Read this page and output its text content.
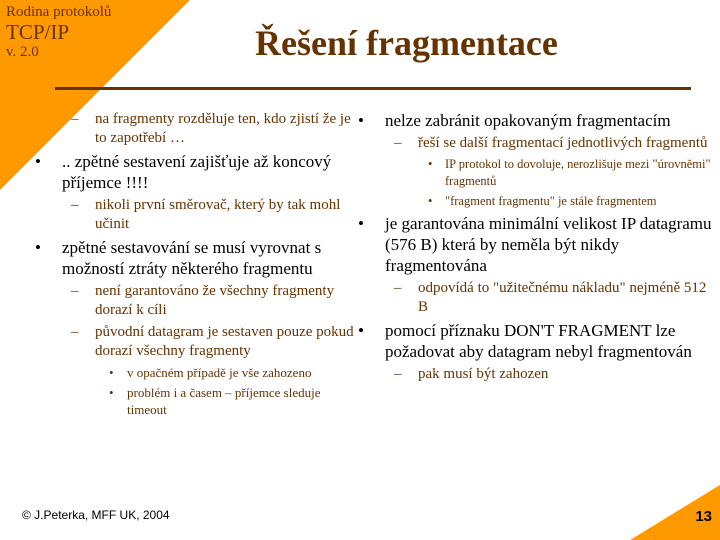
Rodina protokolů
TCP/IP
v. 2.0	Řešení fragmentace
– na fragmenty rozděluje ten, kdo zjistí že je to zapotřebí …
• .. zpětné sestavení zajišťuje až koncový příjemce !!!!
– nikoli první směrovač, který by tak mohl učinit
• zpětné sestavování se musí vyrovnat s možností ztráty některého fragmentu
– není garantováno že všechny fragmenty dorazí k cíli
– původní datagram je sestaven pouze pokud dorazí všechny fragmenty
• v opačném případě je vše zahozeno
• problém i a časem – příjemce sleduje timeout
• nelze zabránit opakovaným fragmentacím
– řeší se další fragmentací jednotlivých fragmentů
• IP protokol to dovoluje, nerozlišuje mezi "úrovněmi" fragmentů
• "fragment fragmentu" je stále fragmentem
• je garantována minimální velikost IP datagramu (576 B) která by neměla být nikdy fragmentována
– odpovídá to "užitečnému nákladu" nejméně 512 B
• pomocí příznaku DON'T FRAGMENT lze požadovat aby datagram nebyl fragmentován
– pak musí být zahozen
© J.Peterka, MFF UK, 2004	13
